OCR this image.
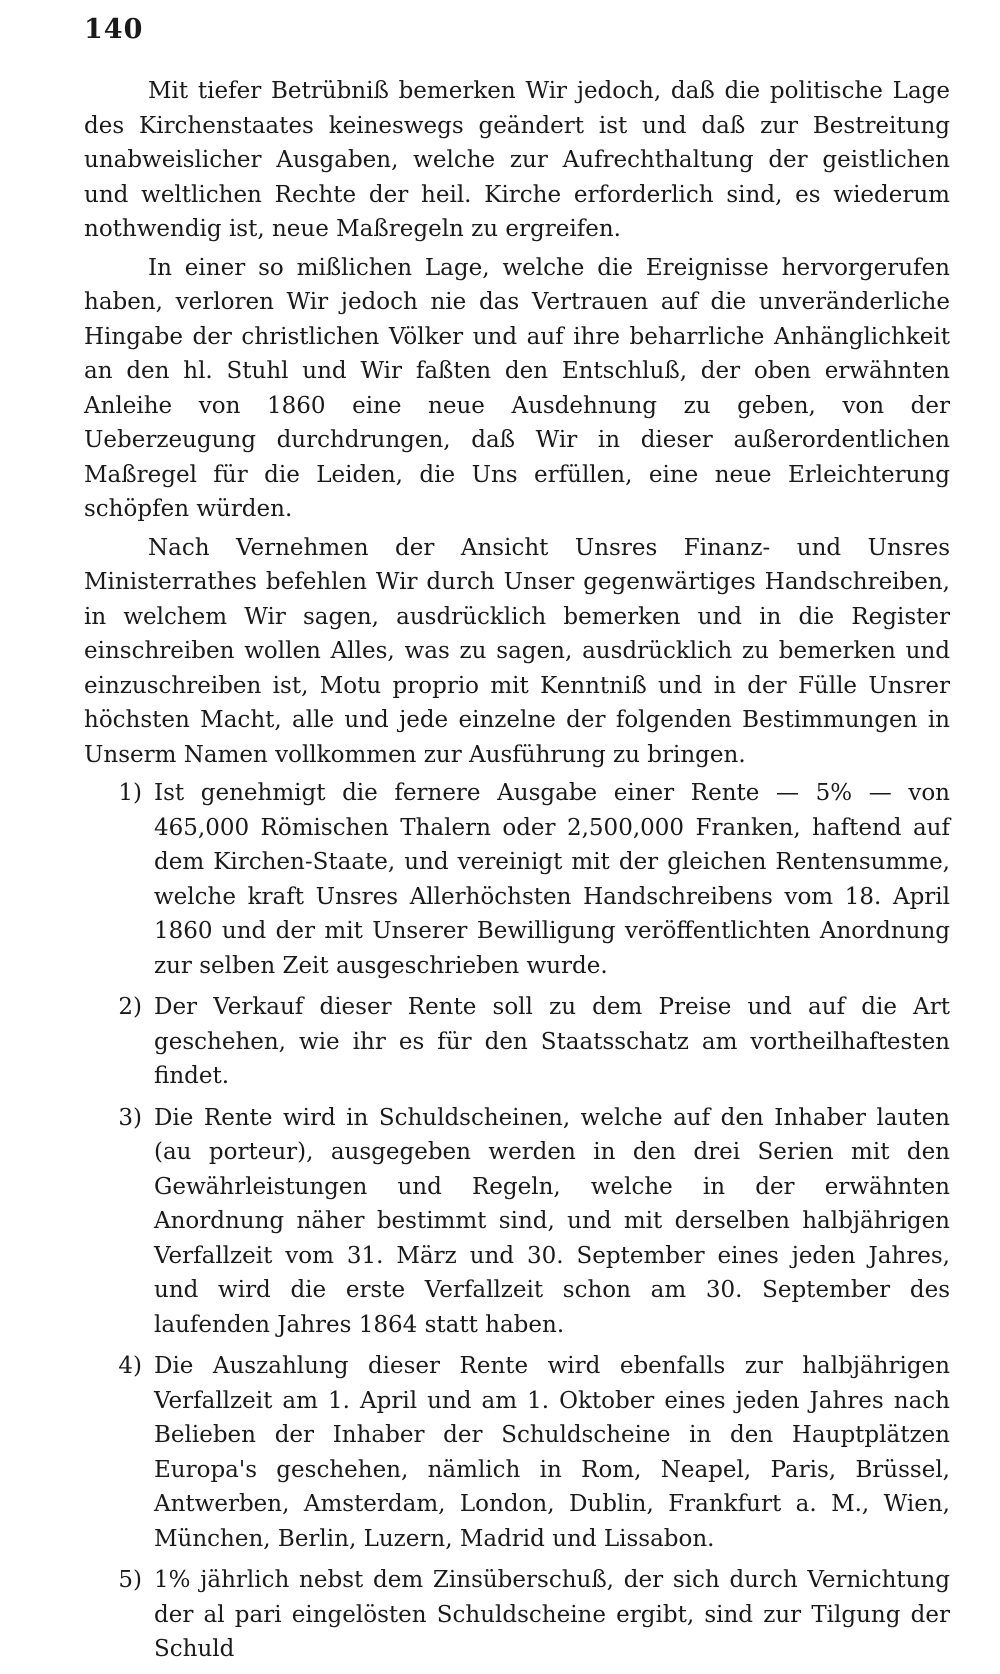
140

Mit tiefer Betrübniß bemerken Wir jedoch, daß die politische Lage des Kirchenstaates keineswegs geändert ist und daß zur Bestreitung unabweislicher Ausgaben, welche zur Aufrechthaltung der geistlichen und weltlichen Rechte der heil. Kirche erforderlich sind, es wiederum nothwendig ist, neue Maßregeln zu ergreifen.

In einer so mißlichen Lage, welche die Ereignisse hervorgerufen haben, verloren Wir jedoch nie das Vertrauen auf die unveränderliche Hingabe der christlichen Völker und auf ihre beharrliche Anhänglichkeit an den hl. Stuhl und Wir faßten den Entschluß, der oben erwähnten Anleihe von 1860 eine neue Ausdehnung zu geben, von der Ueberzeugung durchdrungen, daß Wir in dieser außerordentlichen Maßregel für die Leiden, die Uns erfüllen, eine neue Erleichterung schöpfen würden.

Nach Vernehmen der Ansicht Unsres Finanz- und Unsres Ministerrathes befehlen Wir durch Unser gegenwärtiges Handschreiben, in welchem Wir sagen, ausdrücklich bemerken und in die Register einschreiben wollen Alles, was zu sagen, ausdrücklich zu bemerken und einzuschreiben ist, Motu proprio mit Kenntniß und in der Fülle Unsrer höchsten Macht, alle und jede einzelne der folgenden Bestimmungen in Unserm Namen vollkommen zur Ausführung zu bringen.

1) Ist genehmigt die fernere Ausgabe einer Rente — 5% — von 465,000 Römischen Thalern oder 2,500,000 Franken, haftend auf dem Kirchen-Staate, und vereinigt mit der gleichen Rentensumme, welche kraft Unsres Allerhöchsten Handschreibens vom 18. April 1860 und der mit Unserer Bewilligung veröffentlichten Anordnung zur selben Zeit ausgeschrieben wurde.
2) Der Verkauf dieser Rente soll zu dem Preise und auf die Art geschehen, wie ihr es für den Staatsschatz am vortheilhaftesten findet.
3) Die Rente wird in Schuldscheinen, welche auf den Inhaber lauten (au porteur), ausgegeben werden in den drei Serien mit den Gewährleistungen und Regeln, welche in der erwähnten Anordnung näher bestimmt sind, und mit derselben halbjährigen Verfallzeit vom 31. März und 30. September eines jeden Jahres, und wird die erste Verfallzeit schon am 30. September des laufenden Jahres 1864 statt haben.
4) Die Auszahlung dieser Rente wird ebenfalls zur halbjährigen Verfallzeit am 1. April und am 1. Oktober eines jeden Jahres nach Belieben der Inhaber der Schuldscheine in den Hauptplätzen Europa's geschehen, nämlich in Rom, Neapel, Paris, Brüssel, Antwerben, Amsterdam, London, Dublin, Frankfurt a. M., Wien, München, Berlin, Luzern, Madrid und Lissabon.
5) 1% jährlich nebst dem Zinsüberschuß, der sich durch Vernichtung der al pari eingelösten Schuldscheine ergibt, sind zur Tilgung der Schuld
